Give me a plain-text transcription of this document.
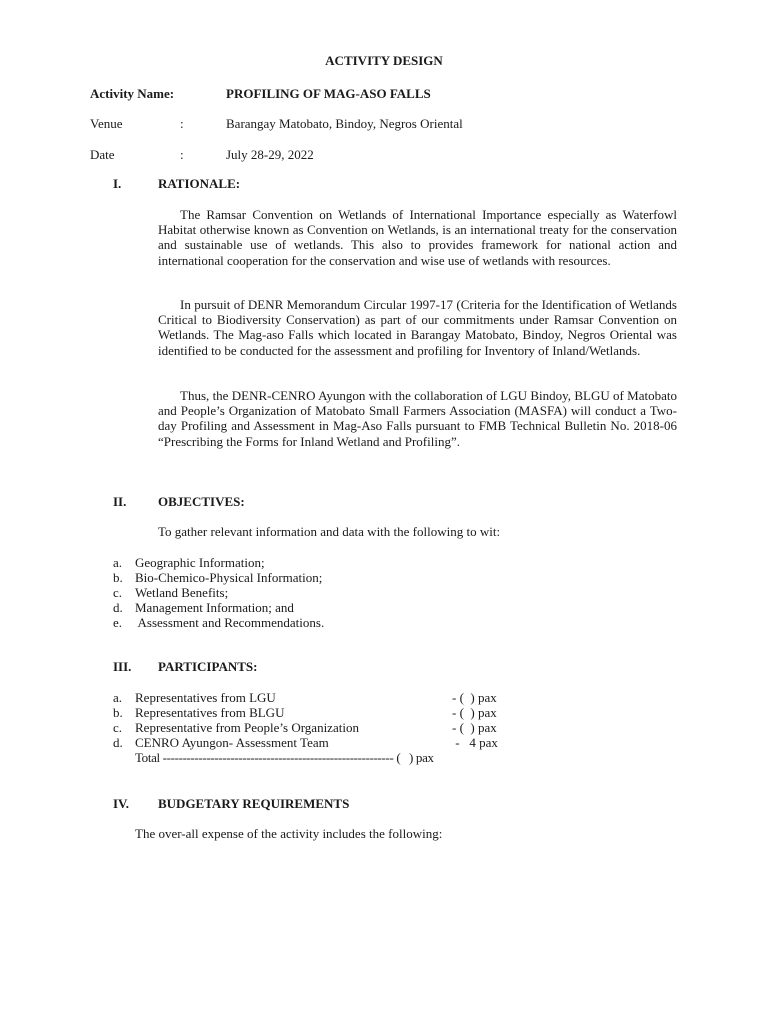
ACTIVITY DESIGN
Activity Name:	PROFILING OF MAG-ASO FALLS
Venue	:	Barangay Matobato, Bindoy, Negros Oriental
Date	:	July 28-29, 2022
I.	RATIONALE:
The Ramsar Convention on Wetlands of International Importance especially as Waterfowl Habitat otherwise known as Convention on Wetlands, is an international treaty for the conservation and sustainable use of wetlands. This also to provides framework for national action and international cooperation for the conservation and wise use of wetlands with resources.
In pursuit of DENR Memorandum Circular 1997-17 (Criteria for the Identification of Wetlands Critical to Biodiversity Conservation) as part of our commitments under Ramsar Convention on Wetlands. The Mag-aso Falls which located in Barangay Matobato, Bindoy, Negros Oriental was identified to be conducted for the assessment and profiling for Inventory of Inland/Wetlands.
Thus, the DENR-CENRO Ayungon with the collaboration of LGU Bindoy, BLGU of Matobato and People’s Organization of Matobato Small Farmers Association (MASFA) will conduct a Two-day Profiling and Assessment in Mag-Aso Falls pursuant to FMB Technical Bulletin No. 2018-06 “Prescribing the Forms for Inland Wetland and Profiling”.
II. OBJECTIVES:
To gather relevant information and data with the following to wit:
a. Geographic Information;
b. Bio-Chemico-Physical Information;
c. Wetland Benefits;
d. Management Information; and
e. Assessment and Recommendations.
III. PARTICIPANTS:
a. Representatives from LGU	- (  ) pax
b. Representatives from BLGU	- (  ) pax
c. Representative from People’s Organization	- (  ) pax
d. CENRO Ayungon- Assessment Team	-   4 pax
Total ---------------------------------------------------------- (   ) pax
IV. BUDGETARY REQUIREMENTS
The over-all expense of the activity includes the following:
